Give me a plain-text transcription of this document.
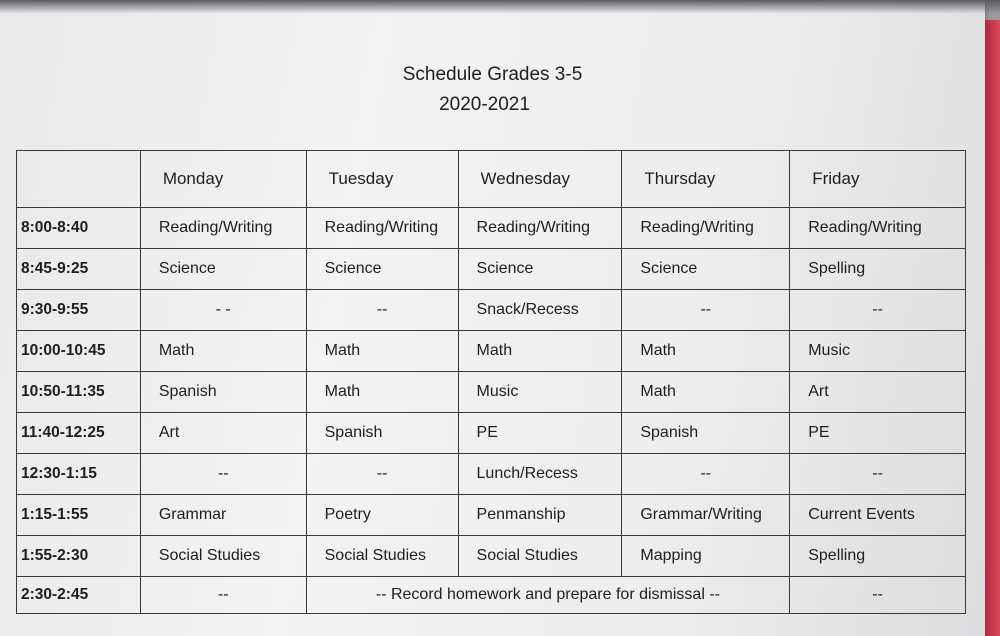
Schedule Grades 3-5
2020-2021
	Monday	Tuesday	Wednesday	Thursday	Friday
8:00-8:40	Reading/Writing	Reading/Writing	Reading/Writing	Reading/Writing	Reading/Writing
8:45-9:25	Science	Science	Science	Science	Spelling
9:30-9:55	- -	--	Snack/Recess	--	--
10:00-10:45	Math	Math	Math	Math	Music
10:50-11:35	Spanish	Math	Music	Math	Art
11:40-12:25	Art	Spanish	PE	Spanish	PE
12:30-1:15	--	--	Lunch/Recess	--	--
1:15-1:55	Grammar	Poetry	Penmanship	Grammar/Writing	Current Events
1:55-2:30	Social Studies	Social Studies	Social Studies	Mapping	Spelling
2:30-2:45	--	-- Record homework and prepare for dismissal --			--
